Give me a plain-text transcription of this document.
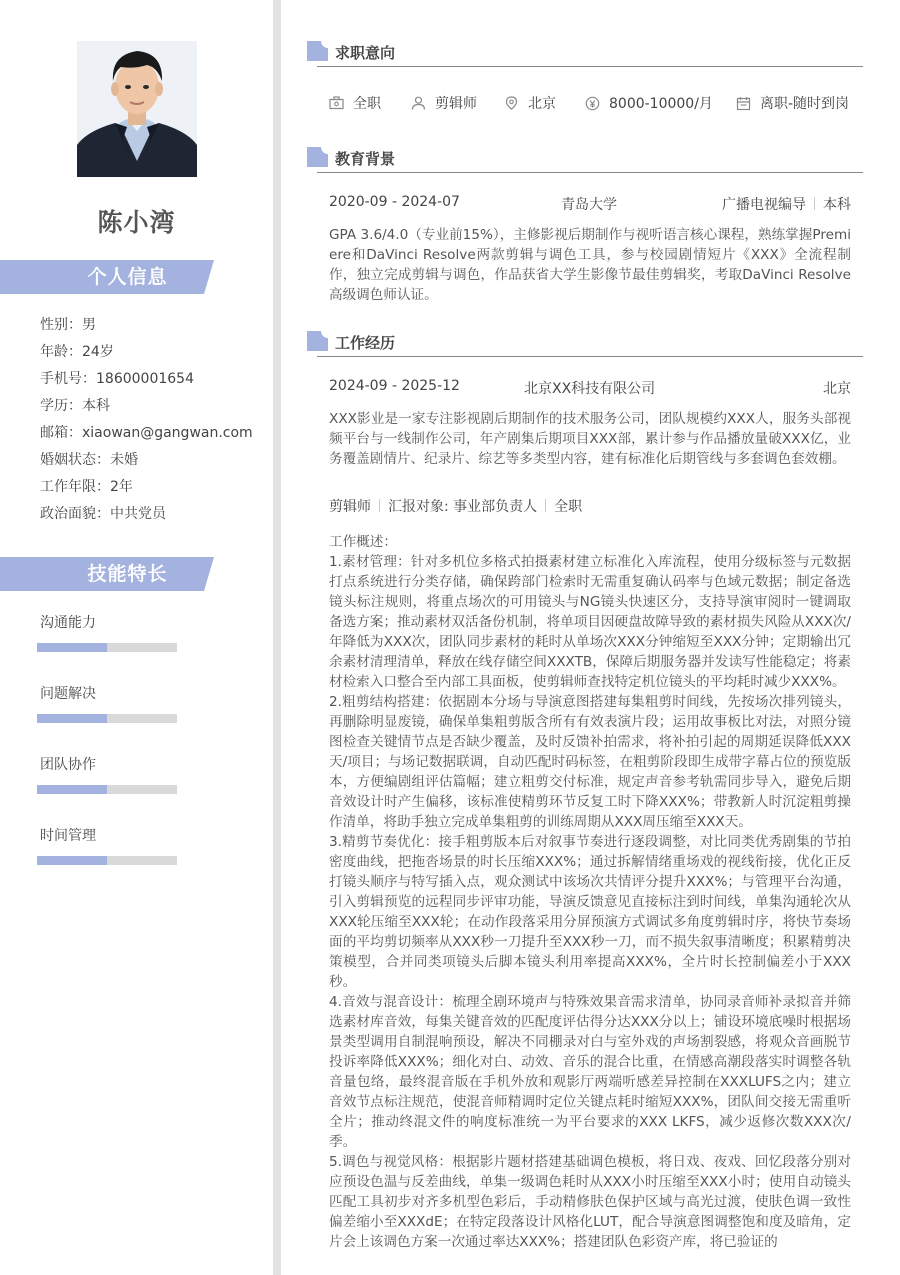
陈小湾
个人信息
性别：男
年龄：24岁
手机号：18600001654
学历：本科
邮箱：xiaowan@gangwan.com
婚姻状态：未婚
工作年限：2年
政治面貌：中共党员
技能特长
沟通能力
问题解决
团队协作
时间管理
求职意向
全职	剪辑师	北京	8000-10000/月	离职-随时到岗
教育背景
2020-09 - 2024-07	青岛大学	广播电视编导 本科
GPA 3.6/4.0（专业前15%），主修影视后期制作与视听语言核心课程，熟练掌握Premiere和DaVinci Resolve两款剪辑与调色工具，参与校园剧情短片《XXX》全流程制作，独立完成剪辑与调色，作品获省大学生影像节最佳剪辑奖，考取DaVinci Resolve高级调色师认证。
工作经历
2024-09 - 2025-12	北京XX科技有限公司	北京
XXX影业是一家专注影视剧后期制作的技术服务公司，团队规模约XXX人，服务头部视频平台与一线制作公司，年产剧集后期项目XXX部，累计参与作品播放量破XXX亿，业务覆盖剧情片、纪录片、综艺等多类型内容，建有标准化后期管线与多套调色套效棚。
剪辑师 汇报对象: 事业部负责人 全职
工作概述：
1.素材管理：针对多机位多格式拍摄素材建立标准化入库流程，使用分级标签与元数据打点系统进行分类存储，确保跨部门检索时无需重复确认码率与色域元数据；制定备选镜头标注规则，将重点场次的可用镜头与NG镜头快速区分，支持导演审阅时一键调取备选方案；推动素材双活备份机制，将单项目因硬盘故障导致的素材损失风险从XXX次/年降低为XXX次，团队同步素材的耗时从单场次XXX分钟缩短至XXX分钟；定期输出冗余素材清理清单，释放在线存储空间XXXTB，保障后期服务器并发读写性能稳定；将素材检索入口整合至内部工具面板，使剪辑师查找特定机位镜头的平均耗时减少XXX%。
2.粗剪结构搭建：依据剧本分场与导演意图搭建每集粗剪时间线，先按场次排列镜头，再删除明显废镜，确保单集粗剪版含所有有效表演片段；运用故事板比对法，对照分镜图检查关键情节点是否缺少覆盖，及时反馈补拍需求，将补拍引起的周期延误降低XXX天/项目；与场记数据联调，自动匹配时码标签，在粗剪阶段即生成带字幕占位的预览版本，方便编剧组评估篇幅；建立粗剪交付标准，规定声音参考轨需同步导入，避免后期音效设计时产生偏移，该标准使精剪环节反复工时下降XXX%；带教新人时沉淀粗剪操作清单，将助手独立完成单集粗剪的训练周期从XXX周压缩至XXX天。
3.精剪节奏优化：接手粗剪版本后对叙事节奏进行逐段调整，对比同类优秀剧集的节拍密度曲线，把拖沓场景的时长压缩XXX%；通过拆解情绪重场戏的视线衔接，优化正反打镜头顺序与特写插入点，观众测试中该场次共情评分提升XXX%；与管理平台沟通，引入剪辑预览的远程同步评审功能，导演反馈意见直接标注到时间线，单集沟通轮次从XXX轮压缩至XXX轮；在动作段落采用分屏预演方式调试多角度剪辑时序，将快节奏场面的平均剪切频率从XXX秒一刀提升至XXX秒一刀，而不损失叙事清晰度；积累精剪决策模型，合并同类项镜头后脚本镜头利用率提高XXX%，全片时长控制偏差小于XXX秒。
4.音效与混音设计：梳理全剧环境声与特殊效果音需求清单，协同录音师补录拟音并筛选素材库音效，每集关键音效的匹配度评估得分达XXX分以上；铺设环境底噪时根据场景类型调用自制混响预设，解决不同棚录对白与室外戏的声场割裂感，将观众音画脱节投诉率降低XXX%；细化对白、动效、音乐的混合比重，在情感高潮段落实时调整各轨音量包络，最终混音版在手机外放和观影厅两端听感差异控制在XXXLUFS之内；建立音效节点标注规范，使混音师精调时定位关键点耗时缩短XXX%，团队间交接无需重听全片；推动终混文件的响度标准统一为平台要求的XXX LKFS，减少返修次数XXX次/季。
5.调色与视觉风格：根据影片题材搭建基础调色模板，将日戏、夜戏、回忆段落分别对应预设色温与反差曲线，单集一级调色耗时从XXX小时压缩至XXX小时；使用自动镜头匹配工具初步对齐多机型色彩后，手动精修肤色保护区域与高光过渡，使肤色调一致性偏差缩小至XXXdE；在特定段落设计风格化LUT，配合导演意图调整饱和度及暗角，定片会上该调色方案一次通过率达XXX%；搭建团队色彩资产库，将已验证的
